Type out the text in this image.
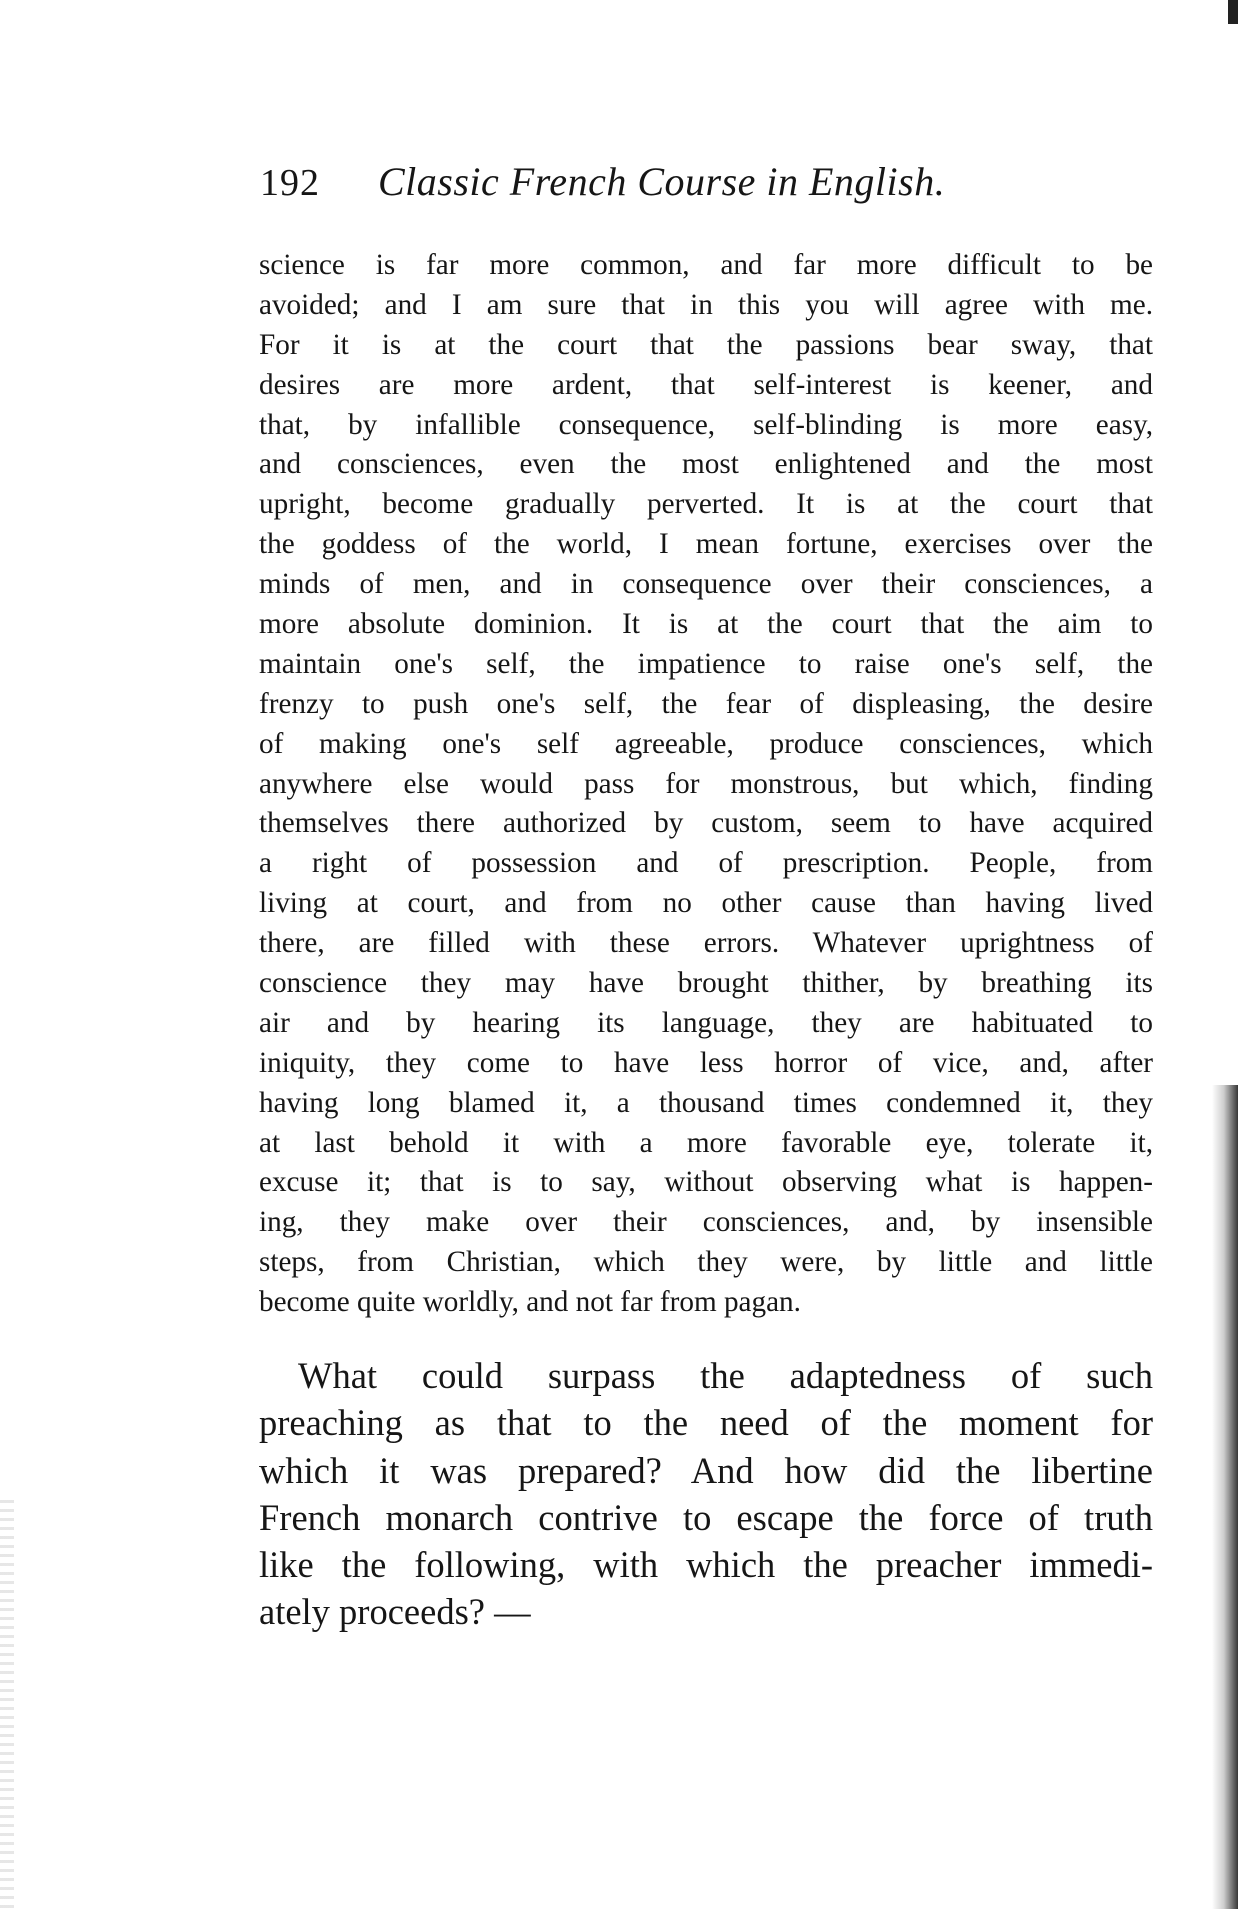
192 Classic French Course in English.
science is far more common, and far more difficult to be
avoided; and I am sure that in this you will agree with me.
For it is at the court that the passions bear sway, that
desires are more ardent, that self-interest is keener, and
that, by infallible consequence, self-blinding is more easy,
and consciences, even the most enlightened and the most
upright, become gradually perverted. It is at the court that
the goddess of the world, I mean fortune, exercises over the
minds of men, and in consequence over their consciences, a
more absolute dominion. It is at the court that the aim to
maintain one's self, the impatience to raise one's self, the
frenzy to push one's self, the fear of displeasing, the desire
of making one's self agreeable, produce consciences, which
anywhere else would pass for monstrous, but which, finding
themselves there authorized by custom, seem to have acquired
a right of possession and of prescription. People, from
living at court, and from no other cause than having lived
there, are filled with these errors. Whatever uprightness of
conscience they may have brought thither, by breathing its
air and by hearing its language, they are habituated to
iniquity, they come to have less horror of vice, and, after
having long blamed it, a thousand times condemned it, they
at last behold it with a more favorable eye, tolerate it,
excuse it; that is to say, without observing what is happen-
ing, they make over their consciences, and, by insensible
steps, from Christian, which they were, by little and little
become quite worldly, and not far from pagan.
What could surpass the adaptedness of such
preaching as that to the need of the moment for
which it was prepared? And how did the libertine
French monarch contrive to escape the force of truth
like the following, with which the preacher immedi-
ately proceeds? —
